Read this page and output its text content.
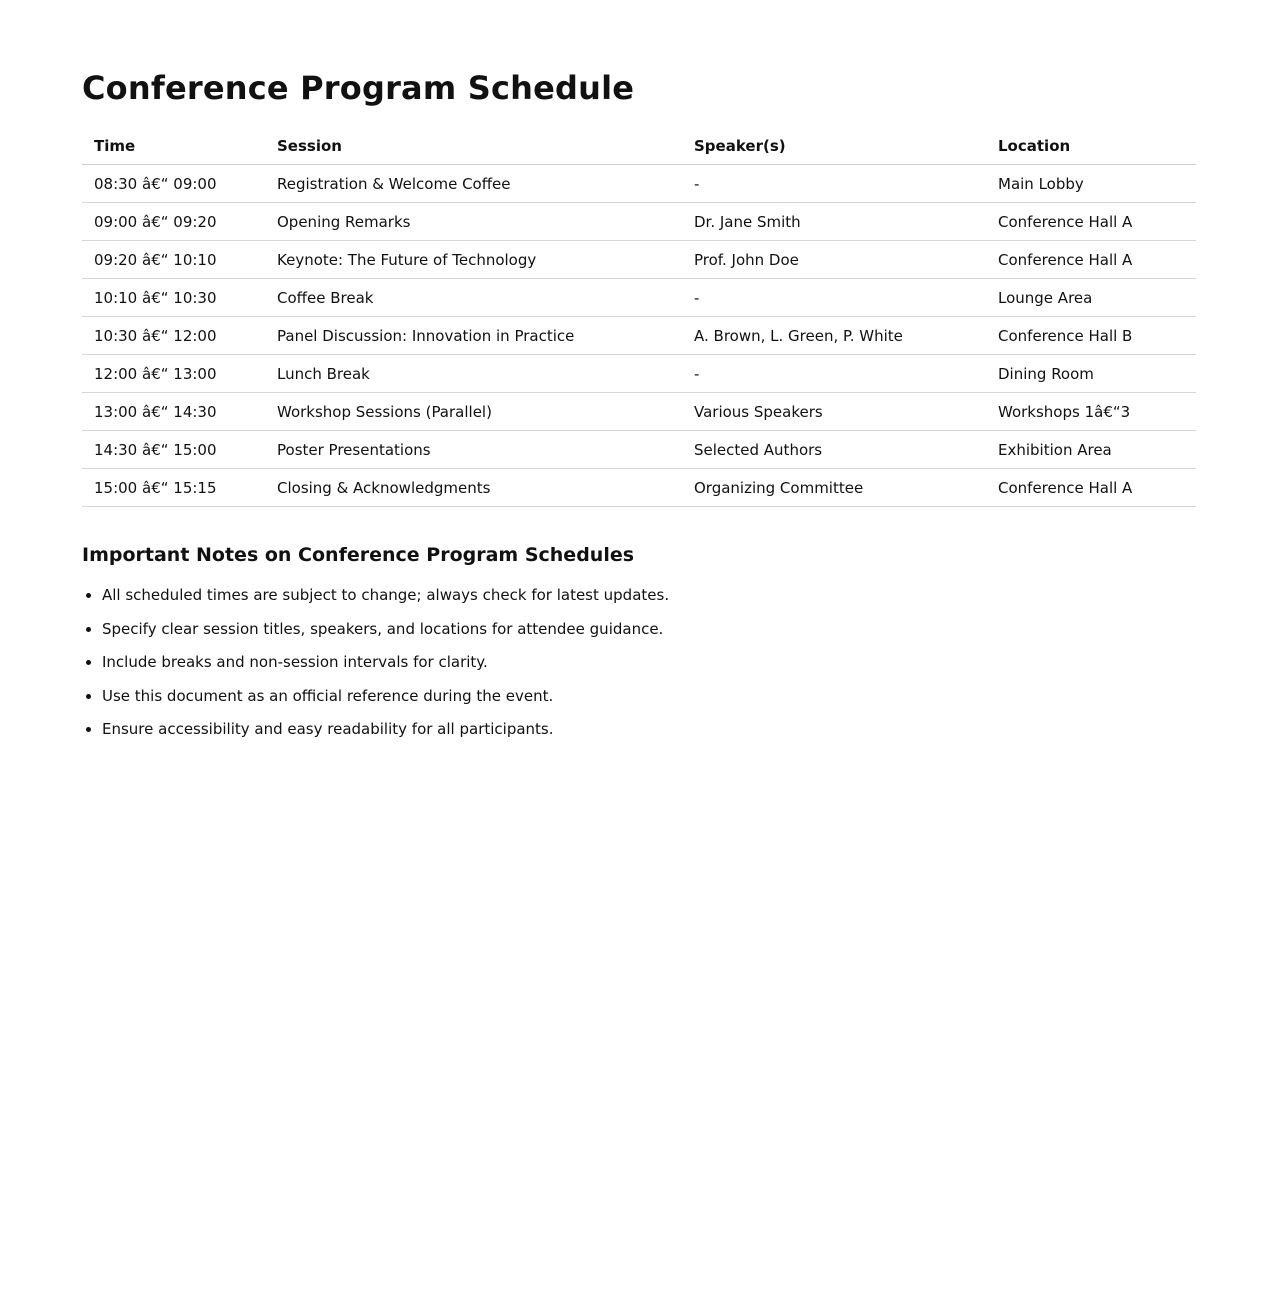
Conference Program Schedule
Time	Session	Speaker(s)	Location
08:30 â€“ 09:00	Registration & Welcome Coffee	-	Main Lobby
09:00 â€“ 09:20	Opening Remarks	Dr. Jane Smith	Conference Hall A
09:20 â€“ 10:10	Keynote: The Future of Technology	Prof. John Doe	Conference Hall A
10:10 â€“ 10:30	Coffee Break	-	Lounge Area
10:30 â€“ 12:00	Panel Discussion: Innovation in Practice	A. Brown, L. Green, P. White	Conference Hall B
12:00 â€“ 13:00	Lunch Break	-	Dining Room
13:00 â€“ 14:30	Workshop Sessions (Parallel)	Various Speakers	Workshops 1â€“3
14:30 â€“ 15:00	Poster Presentations	Selected Authors	Exhibition Area
15:00 â€“ 15:15	Closing & Acknowledgments	Organizing Committee	Conference Hall A
Important Notes on Conference Program Schedules
• All scheduled times are subject to change; always check for latest updates.
• Specify clear session titles, speakers, and locations for attendee guidance.
• Include breaks and non-session intervals for clarity.
• Use this document as an official reference during the event.
• Ensure accessibility and easy readability for all participants.
